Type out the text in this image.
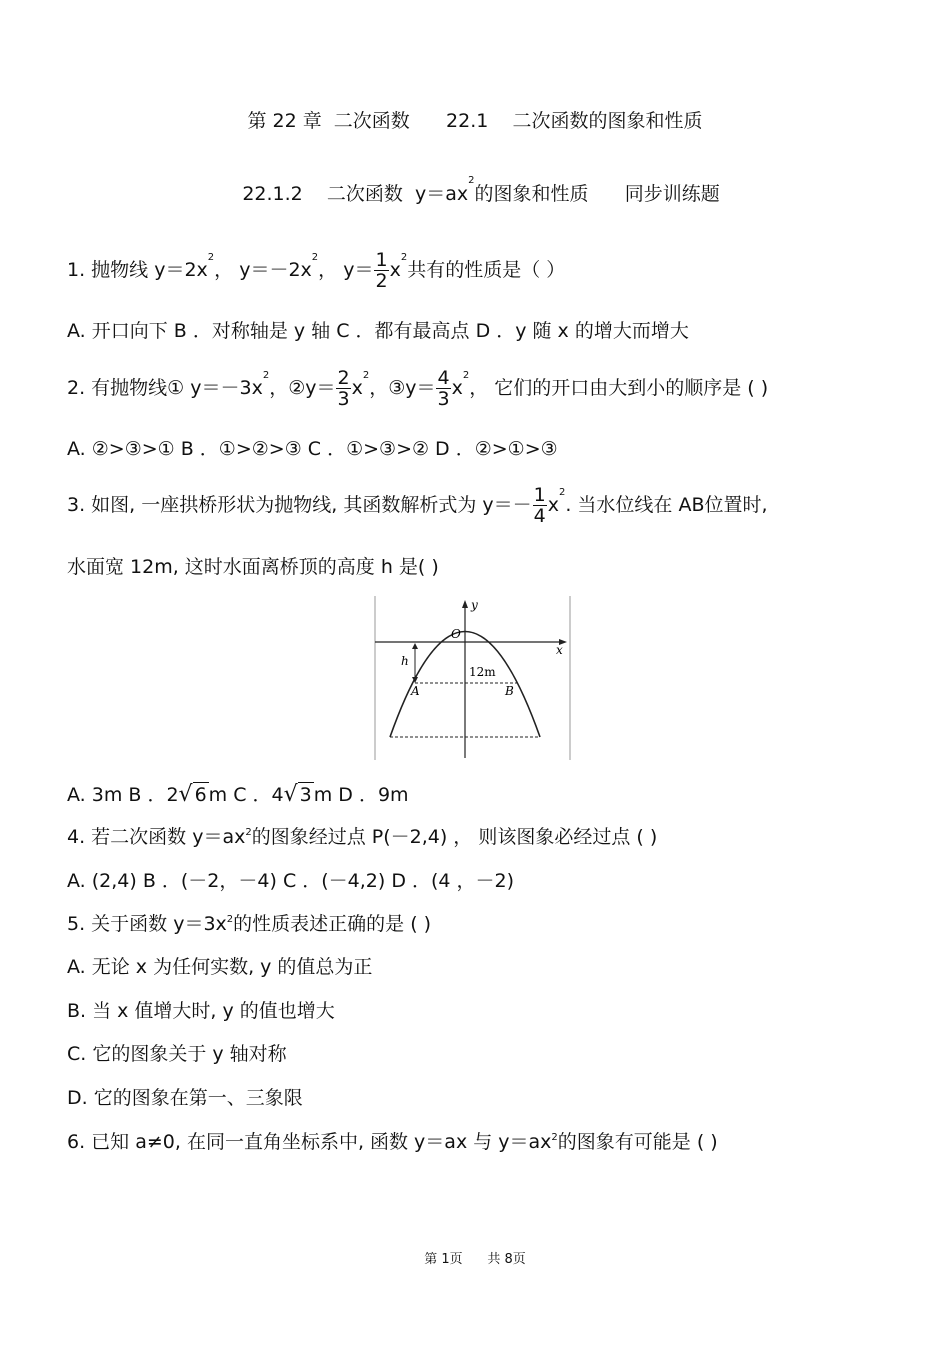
第 22 章  二次函数      22.1    二次函数的图象和性质

22.1.2    二次函数  $y=ax^2$的图象和性质      同步训练题

1. 抛物线 $y=2x^2$， $y=-2x^2$， $y= \frac{1}{2} x^2$共有的性质是（ ）
A. 开口向下 B ．对称轴是 y 轴 C ．都有最高点 D ．y 随 x 的增大而增大
2. 有抛物线① $y=-3x^2$，②y＝ $\frac{2}{3} x^2$，③y＝ $\frac{4}{3} x^2$， 它们的开口由大到小的顺序是 ( )
A. ②>③>① B ．①>②>③ C ．①>③>② D ．②>①>③
3. 如图, 一座拱桥形状为抛物线, 其函数解析式为 $y=- \frac{1}{4} x^2$. 当水位线在 AB位置时,
水面宽 12m, 这时水面离桥顶的高度 h 是( )
h
12m
A	B
O
y
x
A. 3m B ．2√ 6 m C ．4√ 3 m D ．9m
4. 若二次函数 $y=ax^2$的图象经过点 P(－2,4) ， 则该图象必经过点 ( )
A. (2,4) B ．(－2，－4) C ．(－4,2) D ．(4 ，－2)
5. 关于函数 $y=3x^2$的性质表述正确的是 ( )
A. 无论 x 为任何实数, y 的值总为正
B. 当 x 值增大时, y 的值也增大
C. 它的图象关于 y 轴对称
D. 它的图象在第一、三象限
6. 已知 a≠0, 在同一直角坐标系中, 函数 y＝ax 与 $y=ax^2$的图象有可能是 ( )
第 1页      共 8页
